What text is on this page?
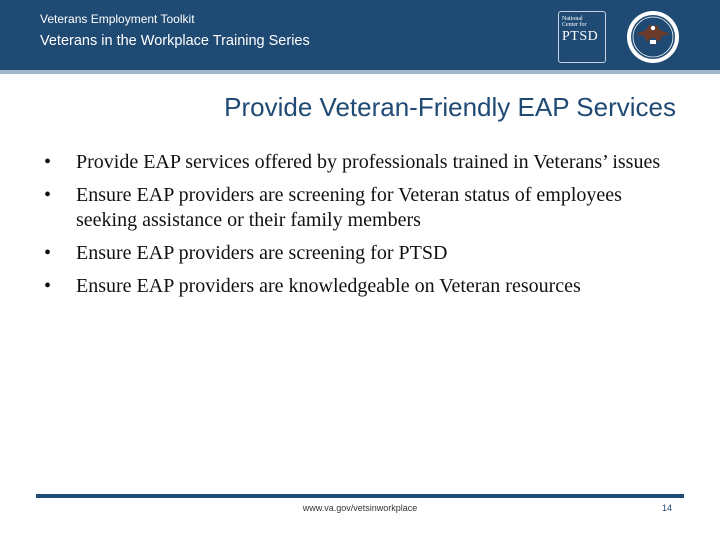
Veterans Employment Toolkit
Veterans in the Workplace Training Series
National
Center for
PTSD
Provide Veteran-Friendly EAP Services
• Provide EAP services offered by professionals trained in Veterans’ issues
• Ensure EAP providers are screening for Veteran status of employees seeking assistance or their family members
• Ensure EAP providers are screening for PTSD
• Ensure EAP providers are knowledgeable on Veteran resources
www.va.gov/vetsinworkplace	14
